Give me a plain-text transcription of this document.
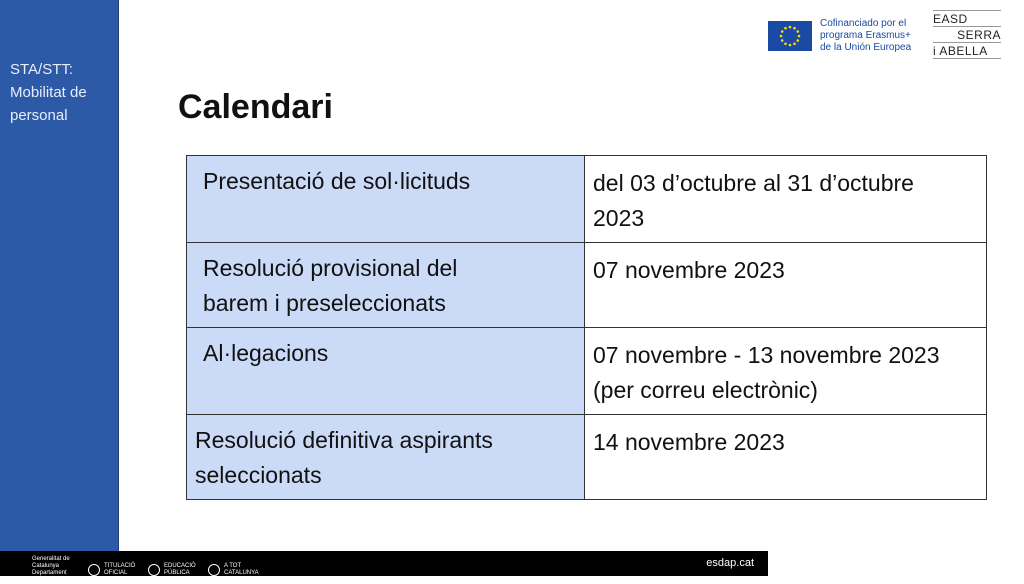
STA/STT:
Mobilitat de
personal	Calendari
Presentació de sol·licituds	del 03 d’octubre al 31 d’octubre
2023

Resolució provisional del
barem i preseleccionats	07 novembre 2023
Al·legacions	07 novembre - 13 novembre 2023
(per correu electrònic)

Resolució definitiva aspirants
seleccionats	14 novembre 2023
Cofinanciado por el
programa Erasmus+
de la Unión Europea
EASD
SERRA
i ABELLA
Generalitat de Catalunya Departament d'Ensenyament
TITULACIÓ OFICIAL
EDUCACIÓ PÚBLICA
A TOT CATALUNYA
esdap.cat
